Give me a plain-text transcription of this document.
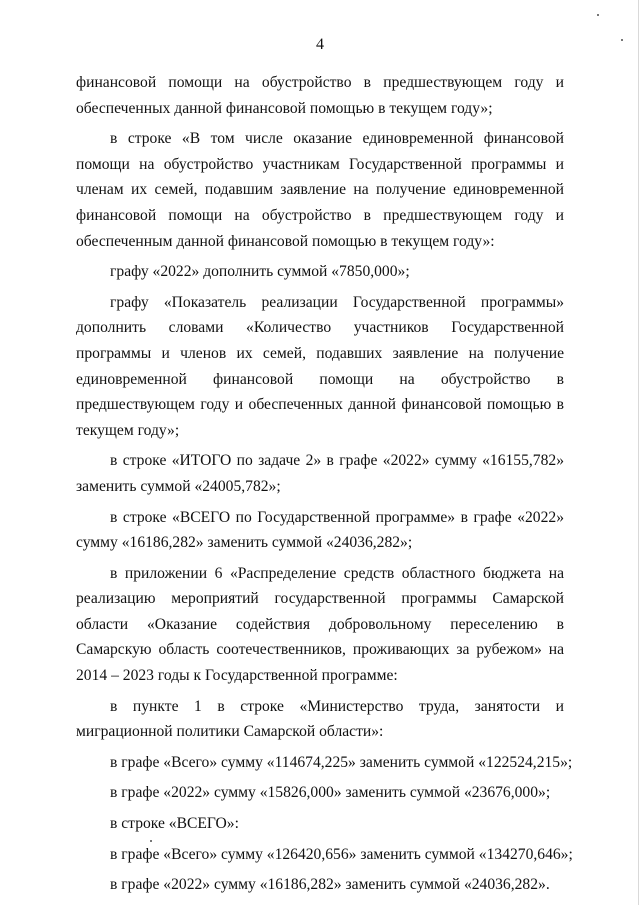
4

финансовой помощи на обустройство в предшествующем году и обеспеченных данной финансовой помощью в текущем году»;

в строке «В том числе оказание единовременной финансовой помощи на обустройство участникам Государственной программы и членам их семей, подавшим заявление на получение единовременной финансовой помощи на обустройство в предшествующем году и обеспеченным данной финансовой помощью в текущем году»:

графу «2022» дополнить суммой «7850,000»;

графу «Показатель реализации Государственной программы» дополнить словами «Количество участников Государственной программы и членов их семей, подавших заявление на получение единовременной финансовой помощи на обустройство в предшествующем году и обеспеченных данной финансовой помощью в текущем году»;

в строке «ИТОГО по задаче 2» в графе «2022» сумму «16155,782» заменить суммой «24005,782»;

в строке «ВСЕГО по Государственной программе» в графе «2022» сумму «16186,282» заменить суммой «24036,282»;

в приложении 6 «Распределение средств областного бюджета на реализацию мероприятий государственной программы Самарской области «Оказание содействия добровольному переселению в Самарскую область соотечественников, проживающих за рубежом» на 2014 – 2023 годы к Государственной программе:

в пункте 1 в строке «Министерство труда, занятости и миграционной политики Самарской области»:

в графе «Всего» сумму «114674,225» заменить суммой «122524,215»;

в графе «2022» сумму «15826,000» заменить суммой «23676,000»;

в строке «ВСЕГО»:

в графе «Всего» сумму «126420,656» заменить суммой «134270,646»;

в графе «2022» сумму «16186,282» заменить суммой «24036,282».
